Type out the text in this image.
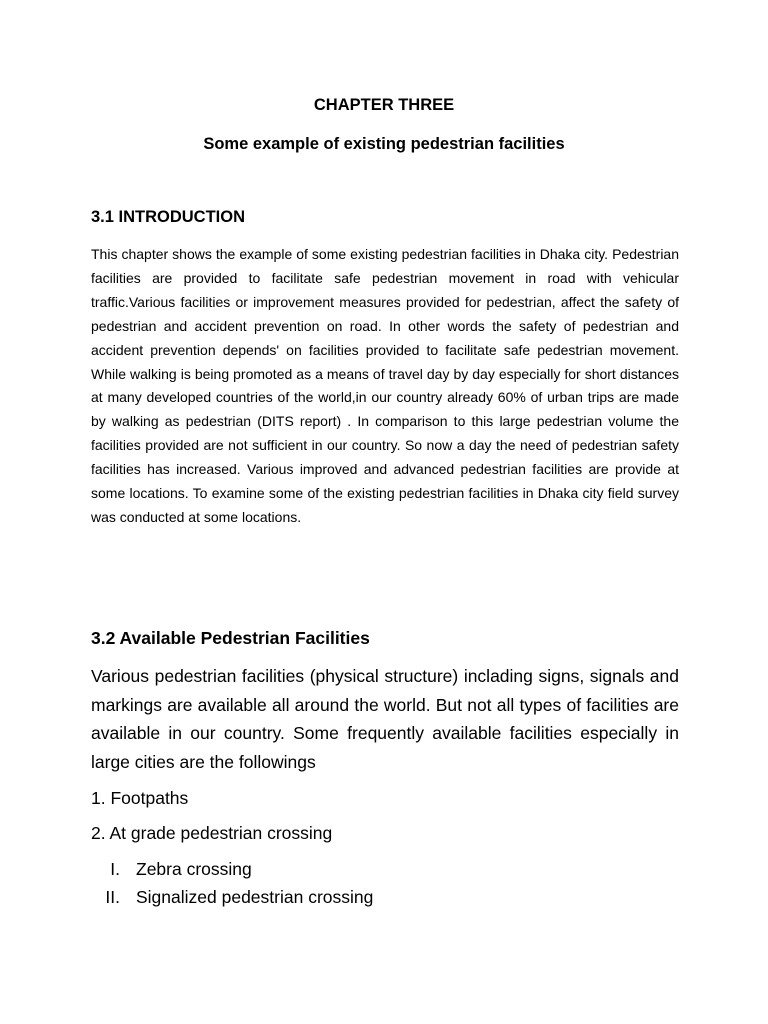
CHAPTER THREE
Some example of existing pedestrian facilities
3.1 INTRODUCTION

This chapter shows the example of some existing pedestrian facilities in Dhaka city. Pedestrian facilities are provided to facilitate safe pedestrian movement in road with vehicular traffic.Various facilities or improvement measures provided for pedestrian, affect the safety of pedestrian and accident prevention on road. In other words the safety of pedestrian and accident prevention depends' on facilities provided to facilitate safe pedestrian movement. While walking is being promoted as a means of travel day by day especially for short distances at many developed countries of the world,in our country already 60% of urban trips are made by walking as pedestrian (DITS report) . In comparison to this large pedestrian volume the facilities provided are not sufficient in our country. So now a day the need of pedestrian safety facilities has increased. Various improved and advanced pedestrian facilities are provide at some locations. To examine some of the existing pedestrian facilities in Dhaka city field survey was conducted at some locations.

3.2 Available Pedestrian Facilities

Various pedestrian facilities (physical structure) inclading signs, signals and markings are available all around the world. But not all types of facilities are available in our country. Some frequently available facilities especially in large cities are the followings

1. Footpaths
2. At grade pedestrian crossing
I. Zebra crossing
II. Signalized pedestrian crossing
